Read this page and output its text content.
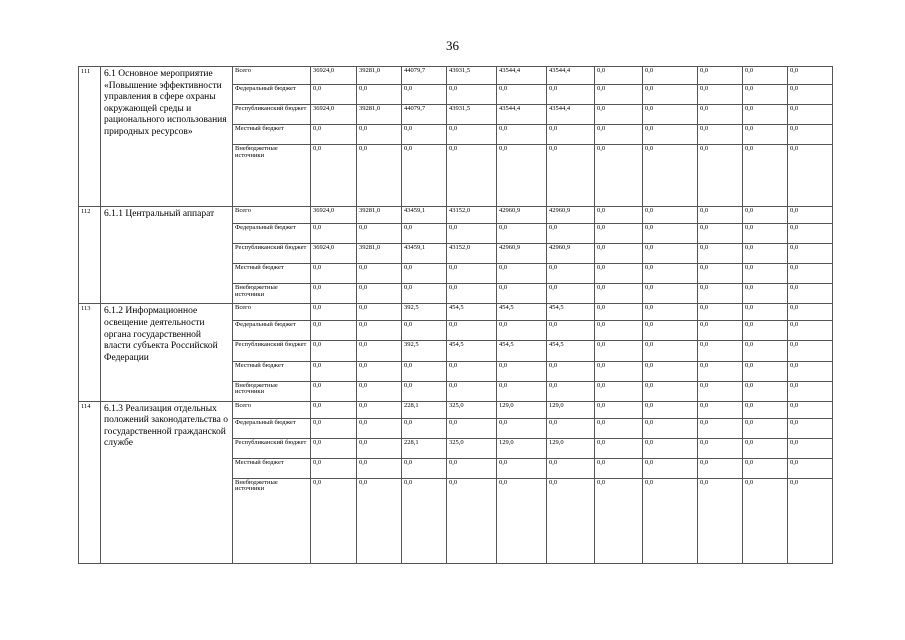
36
111	6.1 Основное мероприятие «Повышение эффективности управления в сфере охраны окружающей среды и рационального использования природных ресурсов»	Всего	36924,0	39281,0	44079,7	43931,5	43544,4	43544,4	0,0	0,0	0,0	0,0	0,0
		Федеральный бюджет	0,0	0,0	0,0	0,0	0,0	0,0	0,0	0,0	0,0	0,0	0,0
		Республиканский бюджет	36924,0	39281,0	44079,7	43931,5	43544,4	43544,4	0,0	0,0	0,0	0,0	0,0
		Местный бюджет	0,0	0,0	0,0	0,0	0,0	0,0	0,0	0,0	0,0	0,0	0,0
		Внебюджетные источники	0,0	0,0	0,0	0,0	0,0	0,0	0,0	0,0	0,0	0,0	0,0
112	6.1.1 Центральный аппарат	Всего	36924,0	39281,0	43459,1	43152,0	42960,9	42960,9	0,0	0,0	0,0	0,0	0,0
		Федеральный бюджет	0,0	0,0	0,0	0,0	0,0	0,0	0,0	0,0	0,0	0,0	0,0
		Республиканский бюджет	36924,0	39281,0	43459,1	43152,0	42960,9	42960,9	0,0	0,0	0,0	0,0	0,0
		Местный бюджет	0,0	0,0	0,0	0,0	0,0	0,0	0,0	0,0	0,0	0,0	0,0
		Внебюджетные источники	0,0	0,0	0,0	0,0	0,0	0,0	0,0	0,0	0,0	0,0	0,0
113	6.1.2 Информационное освещение деятельности органа государственной власти субъекта Российской Федерации	Всего	0,0	0,0	392,5	454,5	454,5	454,5	0,0	0,0	0,0	0,0	0,0
		Федеральный бюджет	0,0	0,0	0,0	0,0	0,0	0,0	0,0	0,0	0,0	0,0	0,0
		Республиканский бюджет	0,0	0,0	392,5	454,5	454,5	454,5	0,0	0,0	0,0	0,0	0,0
		Местный бюджет	0,0	0,0	0,0	0,0	0,0	0,0	0,0	0,0	0,0	0,0	0,0
		Внебюджетные источники	0,0	0,0	0,0	0,0	0,0	0,0	0,0	0,0	0,0	0,0	0,0
114	6.1.3 Реализация отдельных положений законодательства о государственной гражданской службе	Всего	0,0	0,0	228,1	325,0	129,0	129,0	0,0	0,0	0,0	0,0	0,0
		Федеральный бюджет	0,0	0,0	0,0	0,0	0,0	0,0	0,0	0,0	0,0	0,0	0,0
		Республиканский бюджет	0,0	0,0	228,1	325,0	129,0	129,0	0,0	0,0	0,0	0,0	0,0
		Местный бюджет	0,0	0,0	0,0	0,0	0,0	0,0	0,0	0,0	0,0	0,0	0,0
		Внебюджетные источники	0,0	0,0	0,0	0,0	0,0	0,0	0,0	0,0	0,0	0,0	0,0
